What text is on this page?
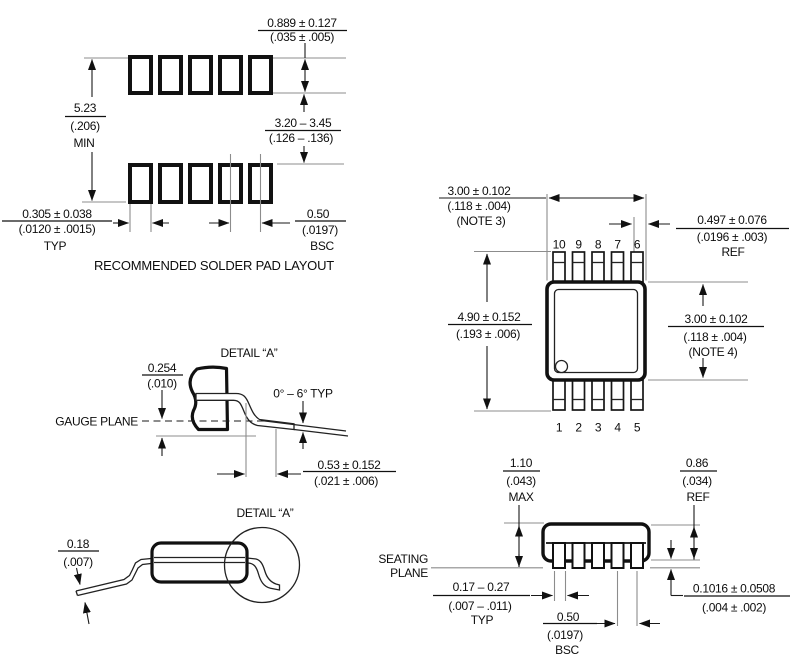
0.889 ± 0.127
(.035 ± .005)
5.23
(.206)
MIN
3.20 – 3.45
(.126 – .136)
0.305 ± 0.038
(.0120 ± .0015)
TYP
0.50
(.0197)
BSC
RECOMMENDED SOLDER PAD LAYOUT
10 9 8 7 6
1 2 3 4 5
3.00 ± 0.102
(.118 ± .004)
(NOTE 3)	0.497 ± 0.076
(.0196 ± .003)
REF
4.90 ± 0.152
(.193 ± .006)
3.00 ± 0.102
(.118 ± .004)
(NOTE 4)
DETAIL “A”
0.254
(.010)
GAUGE PLANE
0° – 6° TYP
0.53 ± 0.152
(.021 ± .006)
DETAIL “A”
0.18
(.007)	SEATING
PLANE
1.10
(.043)
MAX
0.86
(.034)
REF
0.17 – 0.27
(.007 – .011)
TYP	0.50
(.0197)
BSC
0.1016 ± 0.0508
(.004 ± .002)
